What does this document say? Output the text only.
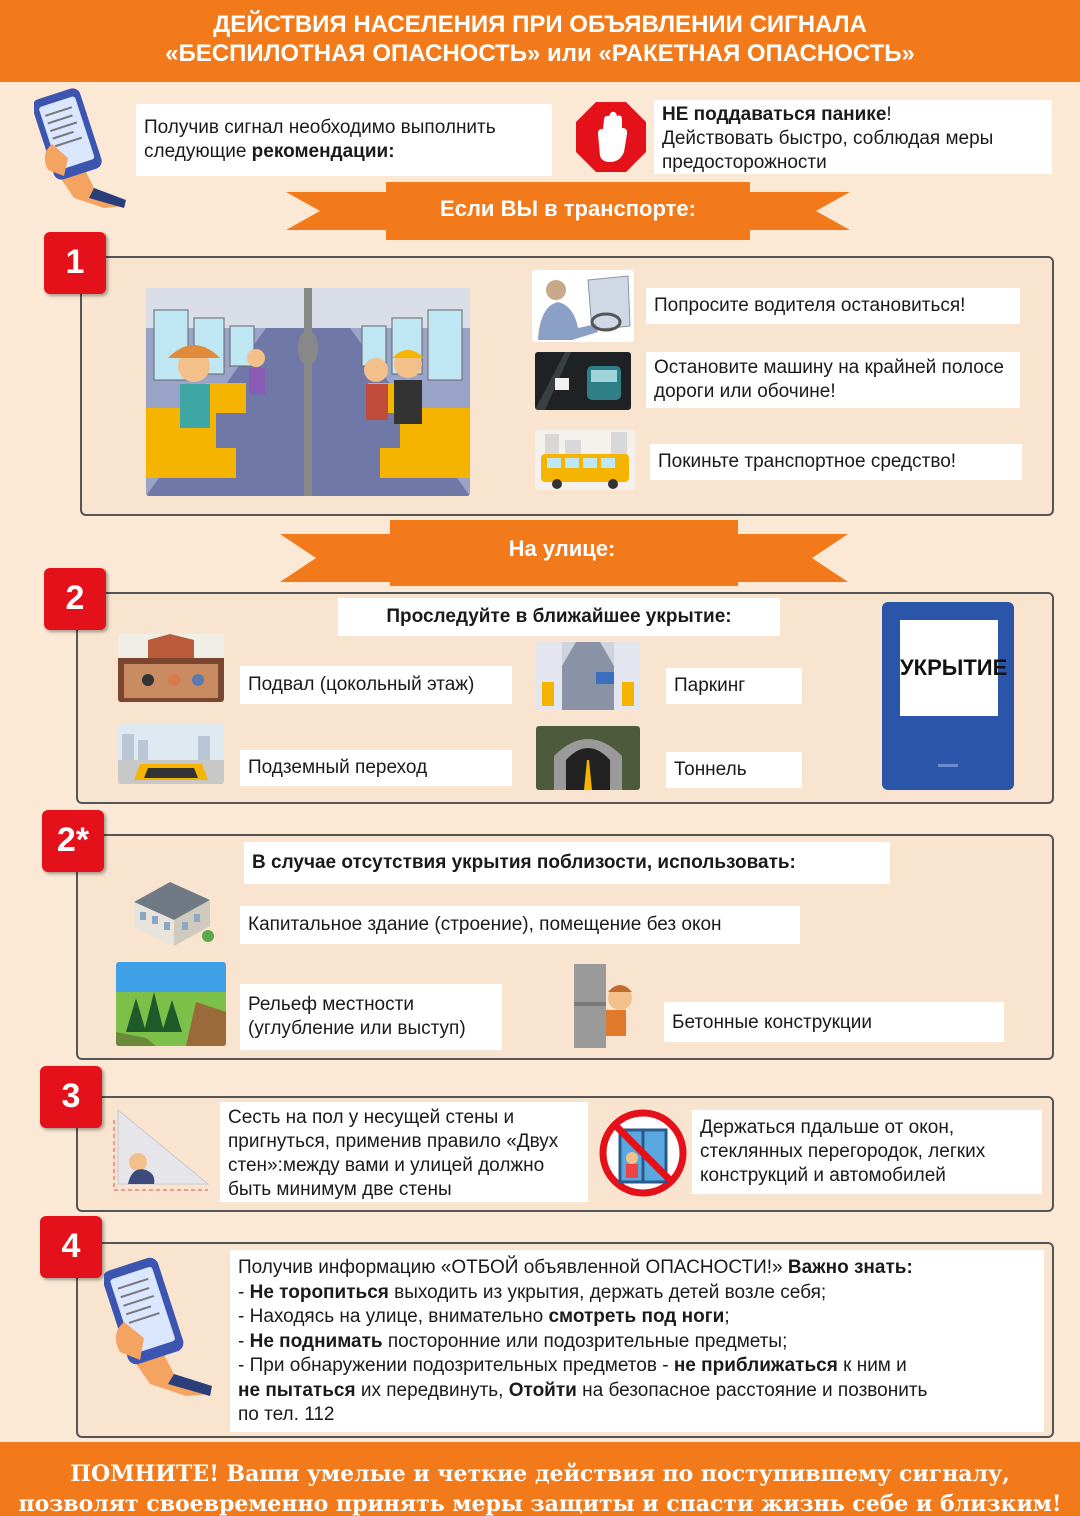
ДЕЙСТВИЯ НАСЕЛЕНИЯ ПРИ ОБЪЯВЛЕНИИ СИГНАЛА
«БЕСПИЛОТНАЯ ОПАСНОСТЬ» или «РАКЕТНАЯ ОПАСНОСТЬ»
Получив сигнал необходимо выполнить следующие рекомендации:
НЕ поддаваться панике!
Действовать быстро, соблюдая меры предосторожности
Если ВЫ в транспорте:
1
Попросите водителя остановиться!
Остановите машину на крайней полосе дороги или обочине!
Покиньте транспортное средство!
На улице:
2	Проследуйте в ближайшее укрытие:
Подвал (цокольный этаж)	Паркинг
Подземный переход	Тоннель
УКРЫТИЕ
2*
В случае отсутствия укрытия поблизости, использовать:
Капитальное здание (строение), помещение без окон
Рельеф местности (углубление или выступ)	Бетонные конструкции
3
Сесть на пол у несущей стены и пригнуться, применив правило «Двух стен»:между вами и улицей должно быть минимум две стены
Держаться пдальше от окон, стеклянных перегородок, легких конструкций и автомобилей
4
Получив информацию «ОТБОЙ объявленной ОПАСНОСТИ!» Важно знать:
- Не торопиться выходить из укрытия, держать детей возле себя;
- Находясь на улице, внимательно смотреть под ноги;
- Не поднимать посторонние или подозрительные предметы;
- При обнаружении подозрительных предметов - не приближаться к ним и
не пытаться их передвинуть, Отойти на безопасное расстояние и позвонить
по тел. 112
ПОМНИТЕ! Ваши умелые и четкие действия по поступившему сигналу,
позволят своевременно принять меры защиты и спасти жизнь себе и близким!
